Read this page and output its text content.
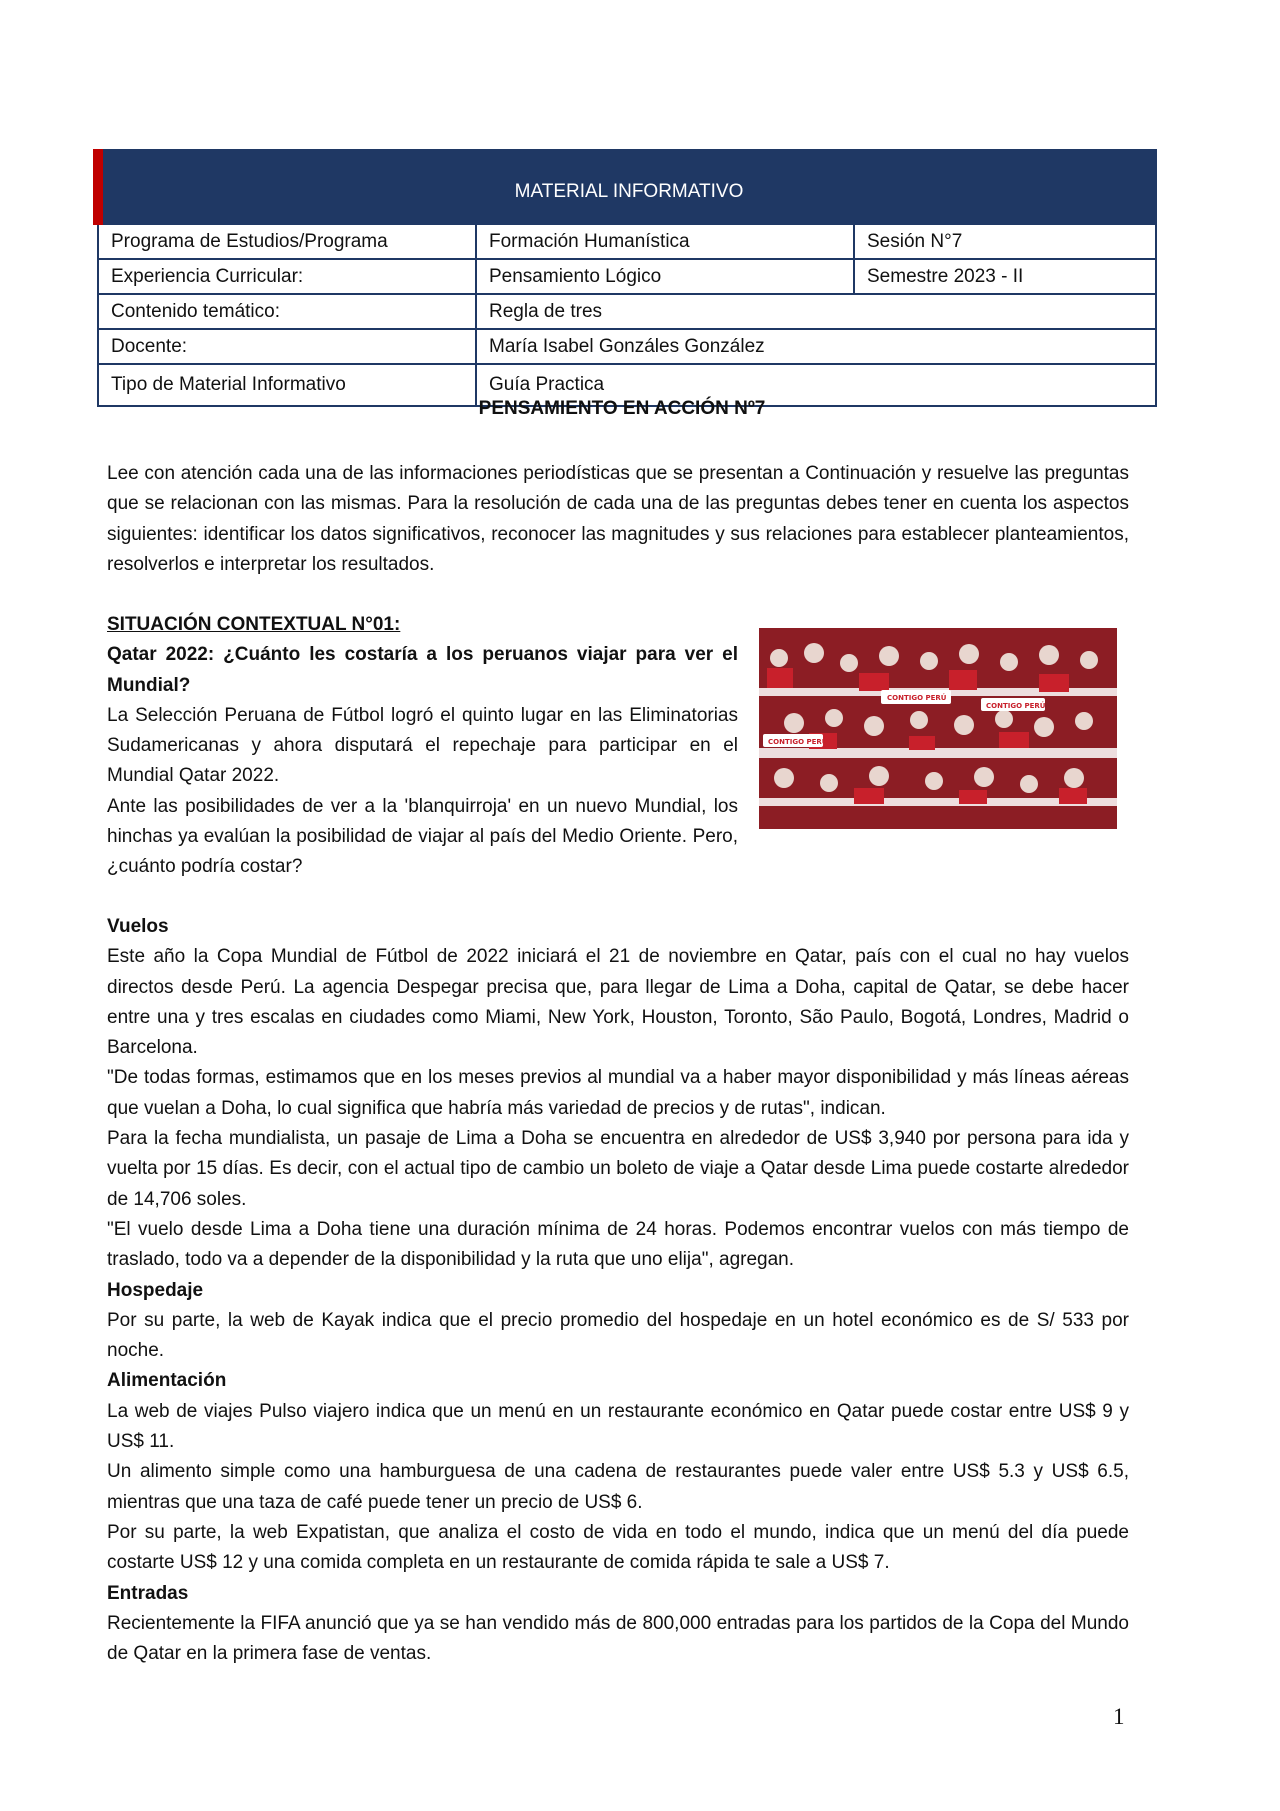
MATERIAL INFORMATIVO		
Programa de Estudios/Programa	Formación Humanística	Sesión N°7
Experiencia Curricular:	Pensamiento Lógico	Semestre 2023 - II
Contenido temático:	Regla de tres	
Docente:	María Isabel Gonzáles González	
Tipo de Material Informativo	Guía Practica	
PENSAMIENTO EN ACCIÓN Nº7

Lee con atención cada una de las informaciones periodísticas que se presentan a Continuación y resuelve las preguntas que se relacionan con las mismas. Para la resolución de cada una de las preguntas debes tener en cuenta los aspectos siguientes: identificar los datos significativos, reconocer las magnitudes y sus relaciones para establecer planteamientos, resolverlos e interpretar los resultados.

SITUACIÓN CONTEXTUAL N°01:

Qatar 2022: ¿Cuánto les costaría a los peruanos viajar para ver el Mundial?

La Selección Peruana de Fútbol logró el quinto lugar en las Eliminatorias Sudamericanas y ahora disputará el repechaje para participar en el Mundial Qatar 2022.

Ante las posibilidades de ver a la 'blanquirroja' en un nuevo Mundial, los hinchas ya evalúan la posibilidad de viajar al país del Medio Oriente. Pero, ¿cuánto podría costar?

CONTIGO PERÚ
CONTIGO PERÚ
CONTIGO PERÚ

Vuelos

Este año la Copa Mundial de Fútbol de 2022 iniciará el 21 de noviembre en Qatar, país con el cual no hay vuelos directos desde Perú. La agencia Despegar precisa que, para llegar de Lima a Doha, capital de Qatar, se debe hacer entre una y tres escalas en ciudades como Miami, New York, Houston, Toronto, São Paulo, Bogotá, Londres, Madrid o Barcelona.

"De todas formas, estimamos que en los meses previos al mundial va a haber mayor disponibilidad y más líneas aéreas que vuelan a Doha, lo cual significa que habría más variedad de precios y de rutas", indican.

Para la fecha mundialista, un pasaje de Lima a Doha se encuentra en alrededor de US$ 3,940 por persona para ida y vuelta por 15 días. Es decir, con el actual tipo de cambio un boleto de viaje a Qatar desde Lima puede costarte alrededor de 14,706 soles.

"El vuelo desde Lima a Doha tiene una duración mínima de 24 horas. Podemos encontrar vuelos con más tiempo de traslado, todo va a depender de la disponibilidad y la ruta que uno elija", agregan.

Hospedaje

Por su parte, la web de Kayak indica que el precio promedio del hospedaje en un hotel económico es de S/ 533 por noche.

Alimentación

La web de viajes Pulso viajero indica que un menú en un restaurante económico en Qatar puede costar entre US$ 9 y US$ 11.

Un alimento simple como una hamburguesa de una cadena de restaurantes puede valer entre US$ 5.3 y US$ 6.5, mientras que una taza de café puede tener un precio de US$ 6.

Por su parte, la web Expatistan, que analiza el costo de vida en todo el mundo, indica que un menú del día puede costarte US$ 12 y una comida completa en un restaurante de comida rápida te sale a US$ 7.

Entradas

Recientemente la FIFA anunció que ya se han vendido más de 800,000 entradas para los partidos de la Copa del Mundo de Qatar en la primera fase de ventas.

1
